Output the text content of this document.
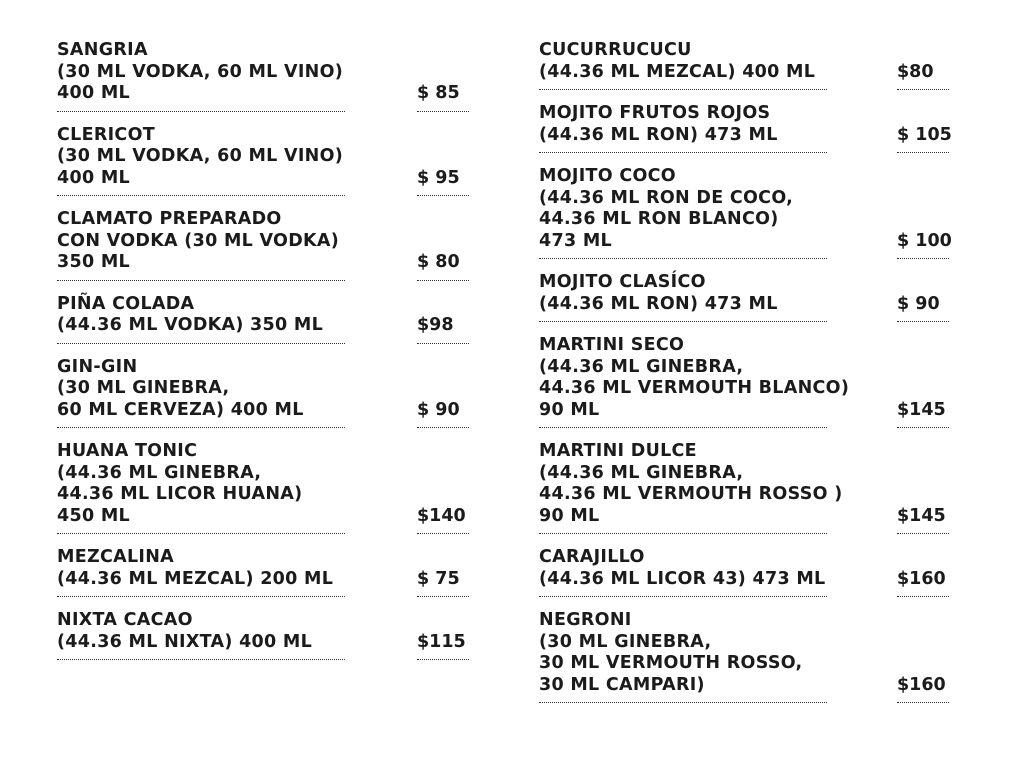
SANGRIA
(30 ML VODKA, 60 ML VINO)
400 ML	$ 85
CLERICOT
(30 ML VODKA, 60 ML VINO)
400 ML	$ 95
CLAMATO PREPARADO
CON VODKA (30 ML VODKA)
350 ML	$ 80
PIÑA COLADA
(44.36 ML VODKA) 350 ML	$98
GIN-GIN
(30 ML GINEBRA,
60 ML CERVEZA) 400 ML	$ 90
HUANA TONIC
(44.36 ML GINEBRA,
44.36 ML LICOR HUANA)
450 ML	$140
MEZCALINA
(44.36 ML MEZCAL) 200 ML	$ 75
NIXTA CACAO
(44.36 ML NIXTA) 400 ML	$115
CUCURRUCUCU
(44.36 ML MEZCAL) 400 ML	$80
MOJITO FRUTOS ROJOS
(44.36 ML RON) 473 ML	$ 105
MOJITO COCO
(44.36 ML RON DE COCO,
44.36 ML RON BLANCO)
473 ML	$ 100
MOJITO CLASÍCO
(44.36 ML RON) 473 ML	$ 90
MARTINI SECO
(44.36 ML GINEBRA,
44.36 ML VERMOUTH BLANCO)
90 ML	$145
MARTINI DULCE
(44.36 ML GINEBRA,
44.36 ML VERMOUTH ROSSO )
90 ML	$145
CARAJILLO
(44.36 ML LICOR 43) 473 ML	$160
NEGRONI
(30 ML GINEBRA,
30 ML VERMOUTH ROSSO,
30 ML CAMPARI)	$160
